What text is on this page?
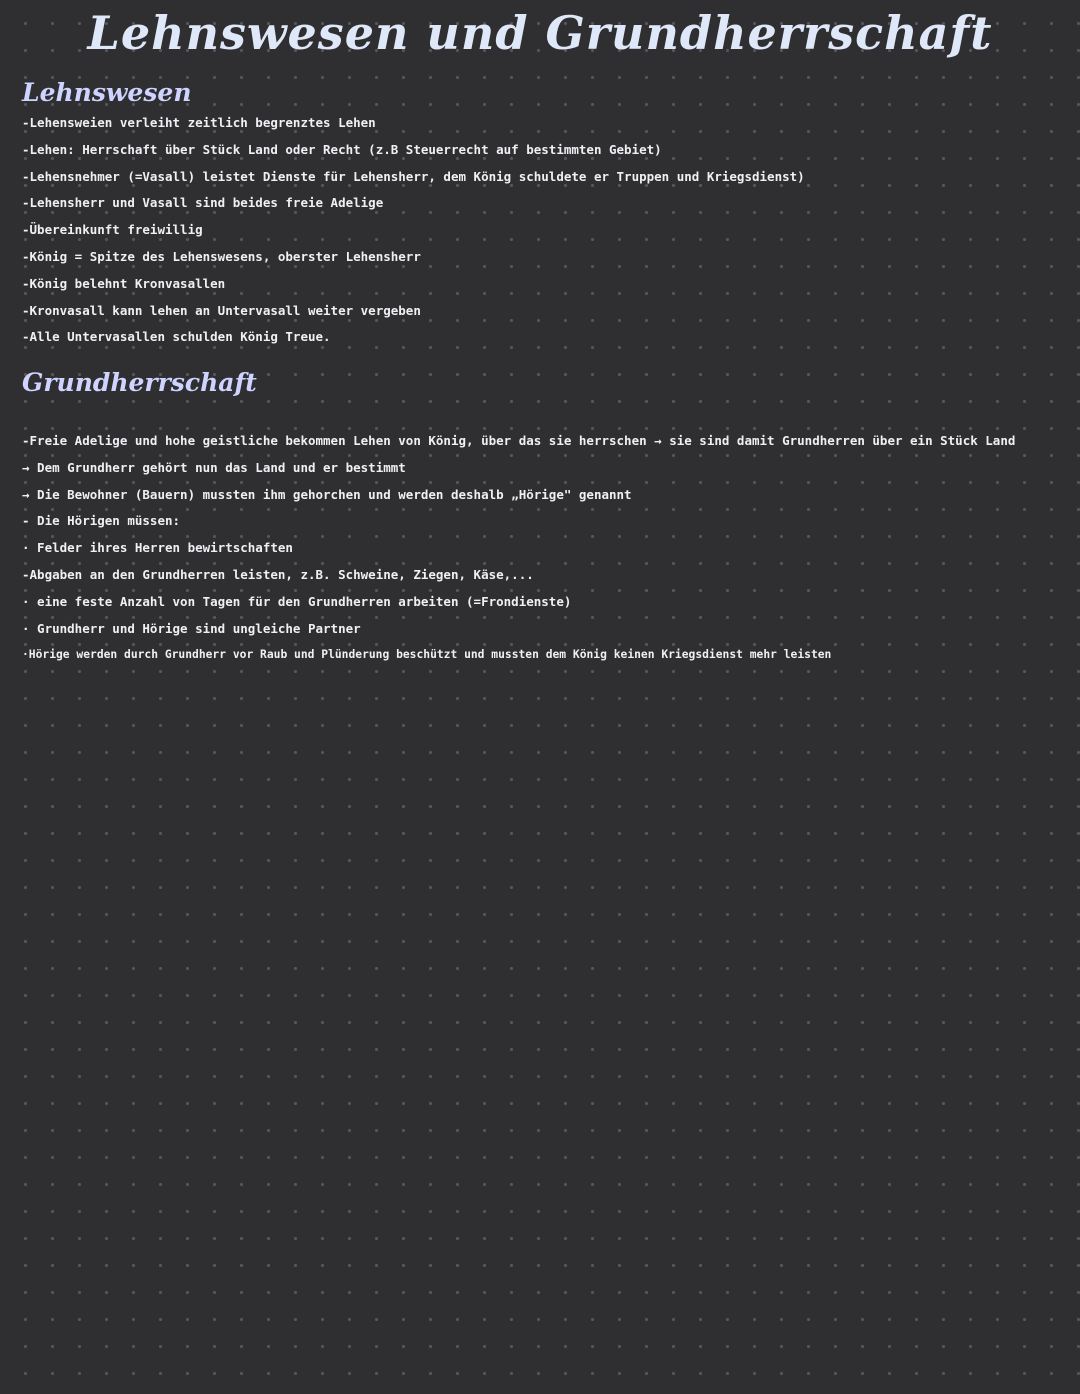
Lehnswesen und Grundherrschaft
Lehnswesen
-Lehensweien verleiht zeitlich begrenztes Lehen
-Lehen: Herrschaft über Stück Land oder Recht (z.B Steuerrecht auf bestimmten Gebiet)
-Lehensnehmer (=Vasall) leistet Dienste für Lehensherr, dem König schuldete er Truppen und Kriegsdienst)
-Lehensherr und Vasall sind beides freie Adelige
-Übereinkunft freiwillig
-König = Spitze des Lehenswesens, oberster Lehensherr
-König belehnt Kronvasallen
-Kronvasall kann lehen an Untervasall weiter vergeben
-Alle Untervasallen schulden König Treue.
Grundherrschaft
-Freie Adelige und hohe geistliche bekommen Lehen von König, über das sie herrschen → sie sind damit Grundherren über ein Stück Land
→ Dem Grundherr gehört nun das Land und er bestimmt
→ Die Bewohner (Bauern) mussten ihm gehorchen und werden deshalb „Hörige" genannt
- Die Hörigen müssen:
· Felder ihres Herren bewirtschaften
-Abgaben an den Grundherren leisten, z.B. Schweine, Ziegen, Käse,...
· eine feste Anzahl von Tagen für den Grundherren arbeiten (=Frondienste)
· Grundherr und Hörige sind ungleiche Partner
·Hörige werden durch Grundherr vor Raub und Plünderung beschützt und mussten dem König keinen Kriegsdienst mehr leisten
